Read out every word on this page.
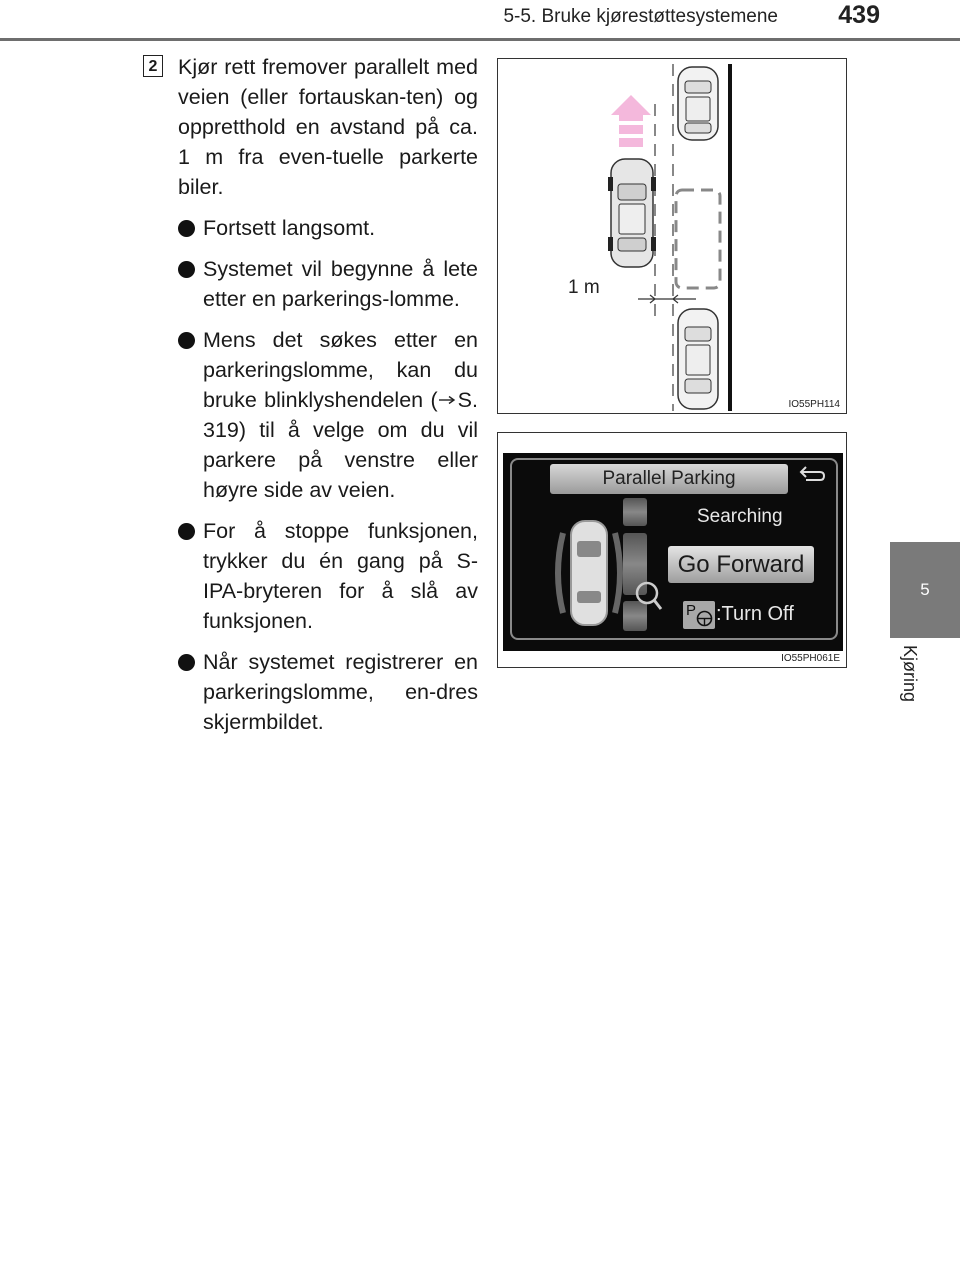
5-5. Bruke kjørestøttesystemene 439
5
Kjøring
2 Kjør rett fremover parallelt med veien (eller fortauskan-ten) og oppretthold en avstand på ca. 1 m fra even-tuelle parkerte biler.

Fortsett langsomt.
Systemet vil begynne å lete etter en parkerings-lomme.
Mens det søkes etter en parkeringslomme, kan du bruke blinklyshendelen ( S. 319) til å velge om du vil parkere på venstre eller høyre side av veien.
For å stoppe funksjonen, trykker du én gang på S-IPA-bryteren for å slå av funksjonen.
Når systemet registrerer en parkeringslomme, en-dres skjermbildet.
1 m
IO55PH114
Parallel Parking
Searching
Go Forward
P :Turn Off
IO55PH061E
